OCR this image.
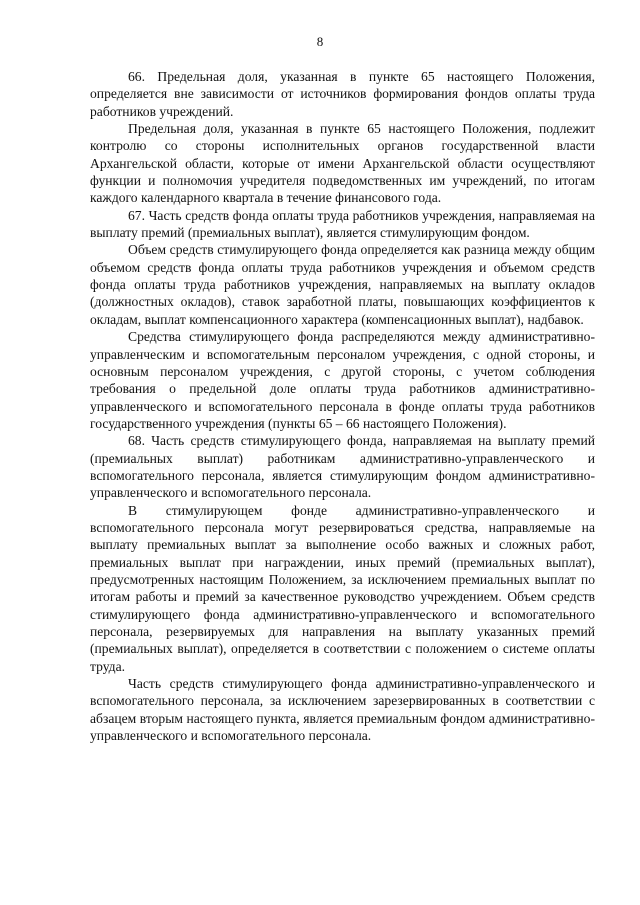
8

66. Предельная доля, указанная в пункте 65 настоящего Положения, определяется вне зависимости от источников формирования фондов оплаты труда работников учреждений.

Предельная доля, указанная в пункте 65 настоящего Положения, подлежит контролю со стороны исполнительных органов государственной власти Архангельской области, которые от имени Архангельской области осуществляют функции и полномочия учредителя подведомственных им учреждений, по итогам каждого календарного квартала в течение финансового года.

67. Часть средств фонда оплаты труда работников учреждения, направляемая на выплату премий (премиальных выплат), является стимулирующим фондом.

Объем средств стимулирующего фонда определяется как разница между общим объемом средств фонда оплаты труда работников учреждения и объемом средств фонда оплаты труда работников учреждения, направляемых на выплату окладов (должностных окладов), ставок заработной платы, повышающих коэффициентов к окладам, выплат компенсационного характера (компенсационных выплат), надбавок.

Средства стимулирующего фонда распределяются между административно-управленческим и вспомогательным персоналом учреждения, с одной стороны, и основным персоналом учреждения, с другой стороны, с учетом соблюдения требования о предельной доле оплаты труда работников административно-управленческого и вспомогательного персонала в фонде оплаты труда работников государственного учреждения (пункты 65 – 66 настоящего Положения).

68. Часть средств стимулирующего фонда, направляемая на выплату премий (премиальных выплат) работникам административно-управленческого и вспомогательного персонала, является стимулирующим фондом административно-управленческого и вспомогательного персонала.

В стимулирующем фонде административно-управленческого и вспомогательного персонала могут резервироваться средства, направляемые на выплату премиальных выплат за выполнение особо важных и сложных работ, премиальных выплат при награждении, иных премий (премиальных выплат), предусмотренных настоящим Положением, за исключением премиальных выплат по итогам работы и премий за качественное руководство учреждением. Объем средств стимулирующего фонда административно-управленческого и вспомогательного персонала, резервируемых для направления на выплату указанных премий (премиальных выплат), определяется в соответствии с положением о системе оплаты труда.

Часть средств стимулирующего фонда административно-управленческого и вспомогательного персонала, за исключением зарезервированных в соответствии с абзацем вторым настоящего пункта, является премиальным фондом административно-управленческого и вспомогательного персонала.
